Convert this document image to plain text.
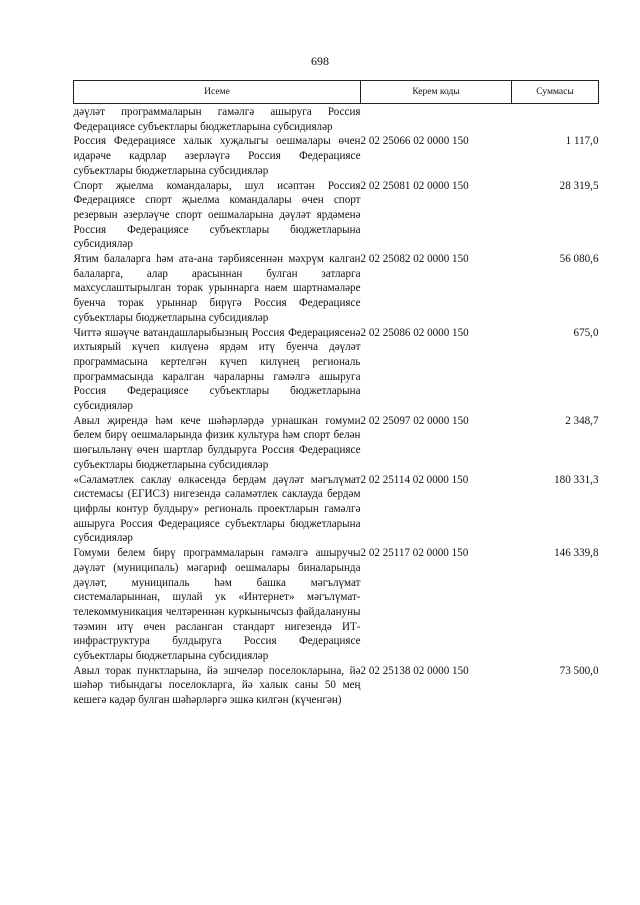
698
Исеме	Керем коды	Суммасы
дәүләт программаларын гамәлгә ашыруга Россия Федерациясе субъектлары бюджетларына субсидияләр		
Россия Федерациясе халык хуҗалыгы оешмалары өчен идарәче кадрлар әзерләүгә Россия Федерациясе субъектлары бюджетларына субсидияләр	2 02 25066 02 0000 150	1 117,0
Спорт җыелма командалары, шул исәптән Россия Федерациясе спорт җыелма командалары өчен спорт резервын әзерләүче спорт оешмаларына дәүләт ярдәменә Россия Федерациясе субъектлары бюджетларына субсидияләр	2 02 25081 02 0000 150	28 319,5
Ятим балаларга һәм ата-ана тәрбиясеннән мәхрүм калган балаларга, алар арасыннан булган затларга махсуслаштырылган торак урыннарга наем шартнамәләре буенча торак урыннар бирүгә Россия Федерациясе субъектлары бюджетларына субсидияләр	2 02 25082 02 0000 150	56 080,6
Читтә яшәүче ватандашларыбызның Россия Федерациясенә ихтыярый күчеп килүенә ярдәм итү буенча дәүләт программасына кертелгән күчеп килүнең региональ программасында каралган чараларны гамәлгә ашыруга Россия Федерациясе субъектлары бюджетларына субсидияләр	2 02 25086 02 0000 150	675,0
Авыл җирендә һәм кече шәһәрләрдә урнашкан гомуми белем бирү оешмаларында физик культура һәм спорт белән шөгыльләнү өчен шартлар булдыруга Россия Федерациясе субъектлары бюджетларына субсидияләр	2 02 25097 02 0000 150	2 348,7
«Сәламәтлек саклау өлкәсендә бердәм дәүләт мәгълүмат системасы (ЕГИСЗ) нигезендә сәламәтлек саклауда бердәм цифрлы контур булдыру» региональ проектларын гамәлгә ашыруга Россия Федерациясе субъектлары бюджетларына субсидияләр	2 02 25114 02 0000 150	180 331,3
Гомуми белем бирү программаларын гамәлгә ашыручы дәүләт (муниципаль) мәгариф оешмалары биналарында дәүләт, муниципаль һәм башка мәгълүмат системаларыннан, шулай ук «Интернет» мәгълүмат-телекоммуникация челтәреннән куркынычсыз файдалануны тәэмин итү өчен расланган стандарт нигезендә ИТ-инфраструктура булдыруга Россия Федерациясе субъектлары бюджетларына субсидияләр	2 02 25117 02 0000 150	146 339,8
Авыл торак пунктларына, йә эшчеләр поселокларына, йә шәһәр тибындагы поселокларга, йә халык саны 50 мең кешегә кадәр булган шәһәрләргә эшкә килгән (күченгән)	2 02 25138 02 0000 150	73 500,0
